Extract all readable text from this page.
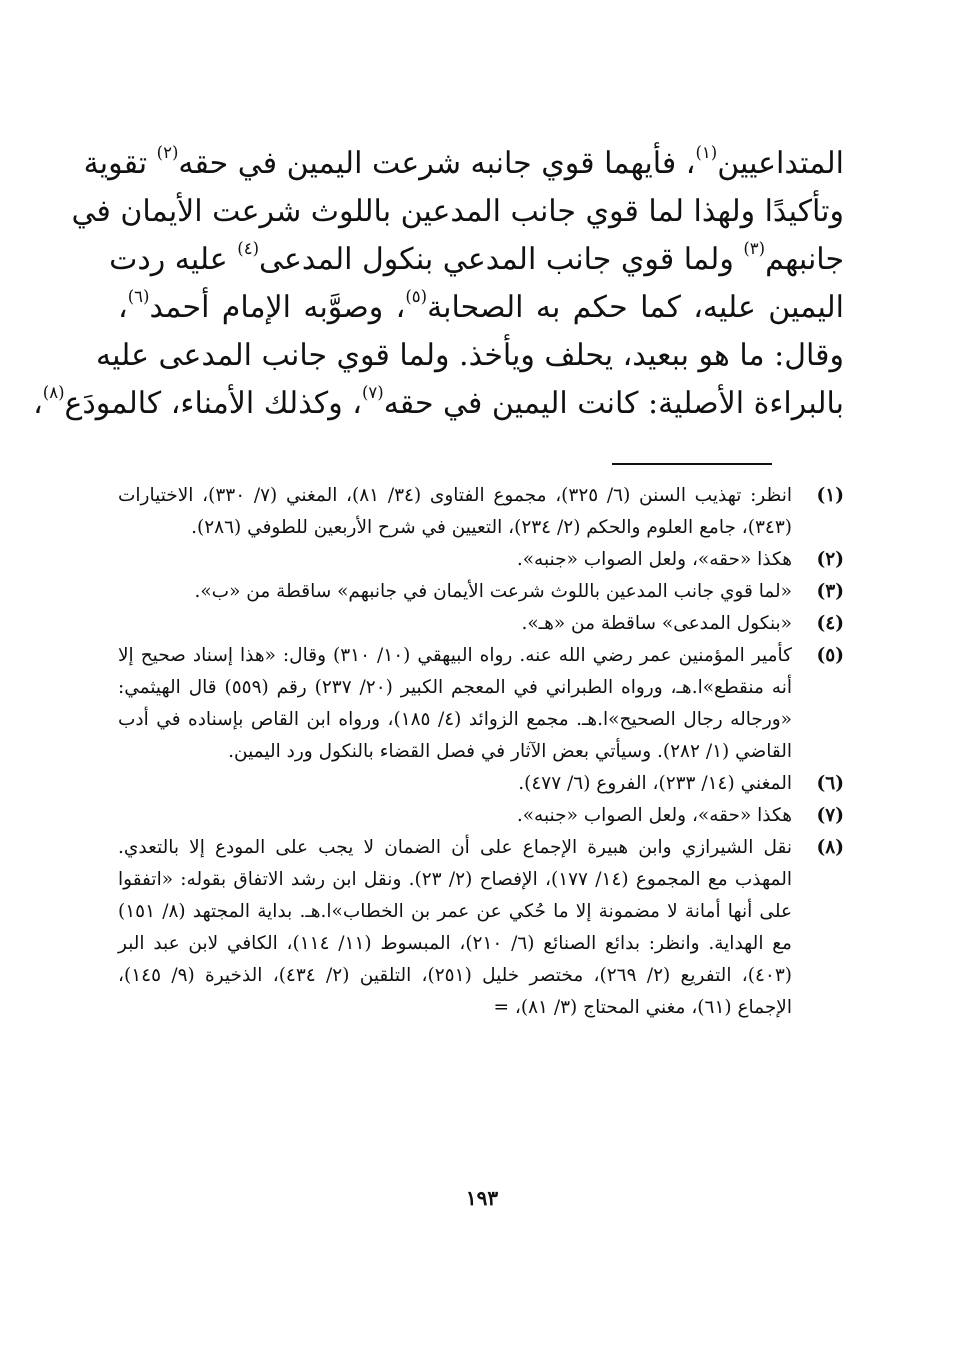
المتداعيين$^{(١)}$، فأيهما قوي جانبه شرعت اليمين في حقه$^{(٢)}$ تقوية
وتأكيدًا ولهذا لما قوي جانب المدعين باللوث شرعت الأيمان في
جانبهم$^{(٣)}$ ولما قوي جانب المدعي بنكول المدعى$^{(٤)}$ عليه ردت
اليمين عليه، كما حكم به الصحابة$^{(٥)}$، وصوَّبه الإمام أحمد$^{(٦)}$،
وقال: ما هو ببعيد، يحلف ويأخذ. ولما قوي جانب المدعى عليه
بالبراءة الأصلية: كانت اليمين في حقه$^{(٧)}$، وكذلك الأمناء، كالمودَع$^{(٨)}$،
(١)
انظر: تهذيب السنن (٦/ ٣٢٥)، مجموع الفتاوى (٣٤/ ٨١)، المغني (٧/ ٣٣٠)، الاختيارات (٣٤٣)، جامع العلوم والحكم (٢/ ٢٣٤)، التعيين في شرح الأربعين للطوفي (٢٨٦).
(٢)
هكذا «حقه»، ولعل الصواب «جنبه».
(٣)
«لما قوي جانب المدعين باللوث شرعت الأيمان في جانبهم» ساقطة من «ب».
(٤)
«بنكول المدعى» ساقطة من «هـ».
(٥)
كأمير المؤمنين عمر رضي الله عنه. رواه البيهقي (١٠/ ٣١٠) وقال: «هذا إسناد صحيح إلا أنه منقطع»ا.هـ، ورواه الطبراني في المعجم الكبير (٢٠/ ٢٣٧) رقم (٥٥٩) قال الهيثمي: «ورجاله رجال الصحيح»ا.هـ. مجمع الزوائد (٤/ ١٨٥)، ورواه ابن القاص بإسناده في أدب القاضي (١/ ٢٨٢). وسيأتي بعض الآثار في فصل القضاء بالنكول ورد اليمين.
(٦)
المغني (١٤/ ٢٣٣)، الفروع (٦/ ٤٧٧).
(٧)
هكذا «حقه»، ولعل الصواب «جنبه».
(٨)
نقل الشيرازي وابن هبيرة الإجماع على أن الضمان لا يجب على المودع إلا بالتعدي. المهذب مع المجموع (١٤/ ١٧٧)، الإفصاح (٢/ ٢٣). ونقل ابن رشد الاتفاق بقوله: «اتفقوا على أنها أمانة لا مضمونة إلا ما حُكي عن عمر بن الخطاب»ا.هـ. بداية المجتهد (٨/ ١٥١) مع الهداية. وانظر: بدائع الصنائع (٦/ ٢١٠)، المبسوط (١١/ ١١٤)، الكافي لابن عبد البر (٤٠٣)، التفريع (٢/ ٢٦٩)، مختصر خليل (٢٥١)، التلقين (٢/ ٤٣٤)، الذخيرة (٩/ ١٤٥)، الإجماع (٦١)، مغني المحتاج (٣/ ٨١)، =
١٩٣
